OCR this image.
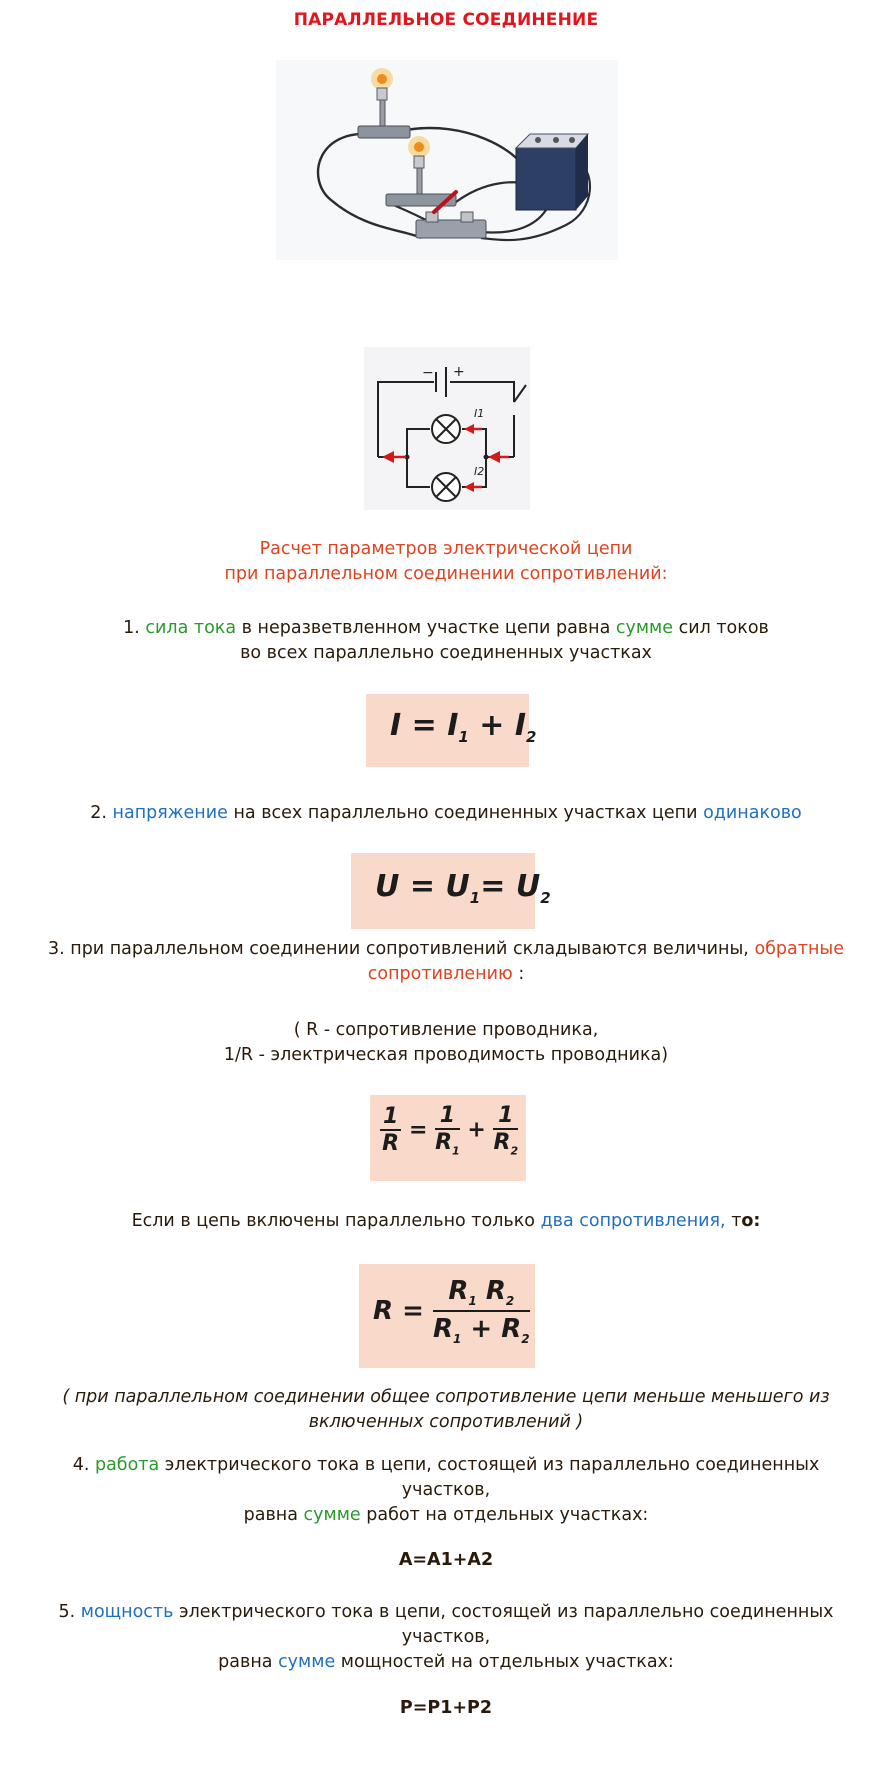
ПАРАЛЛЕЛЬНОЕ СОЕДИНЕНИЕ
− +
I1
I2
Расчет параметров электрической цепи
при параллельном соединении сопротивлений:
1. сила тока в неразветвленном участке цепи равна сумме сил токов
во всех параллельно соединенных участках
$I = I_1 + I_2$
2. напряжение на всех параллельно соединенных участках цепи одинаково
$U = U_1= U_2$
3. при параллельном соединении сопротивлений складываются величины, обратные
сопротивлению :
( R - сопротивление проводника,
1/R - электрическая проводимость проводника)
$\frac{1}{R} = \frac{1}{R_1} + \frac{1}{R_2}$
Если в цепь включены параллельно только два сопротивления, то:
$R = \frac{R_1 R_2}{R_1 + R_2}$
( при параллельном соединении общее сопротивление цепи меньше меньшего из
включенных сопротивлений )
4. работа электрического тока в цепи, состоящей из параллельно соединенных
участков,
равна сумме работ на отдельных участках:
A=A1+A2
5. мощность электрического тока в цепи, состоящей из параллельно соединенных
участков,
равна сумме мощностей на отдельных участках:
P=P1+P2
